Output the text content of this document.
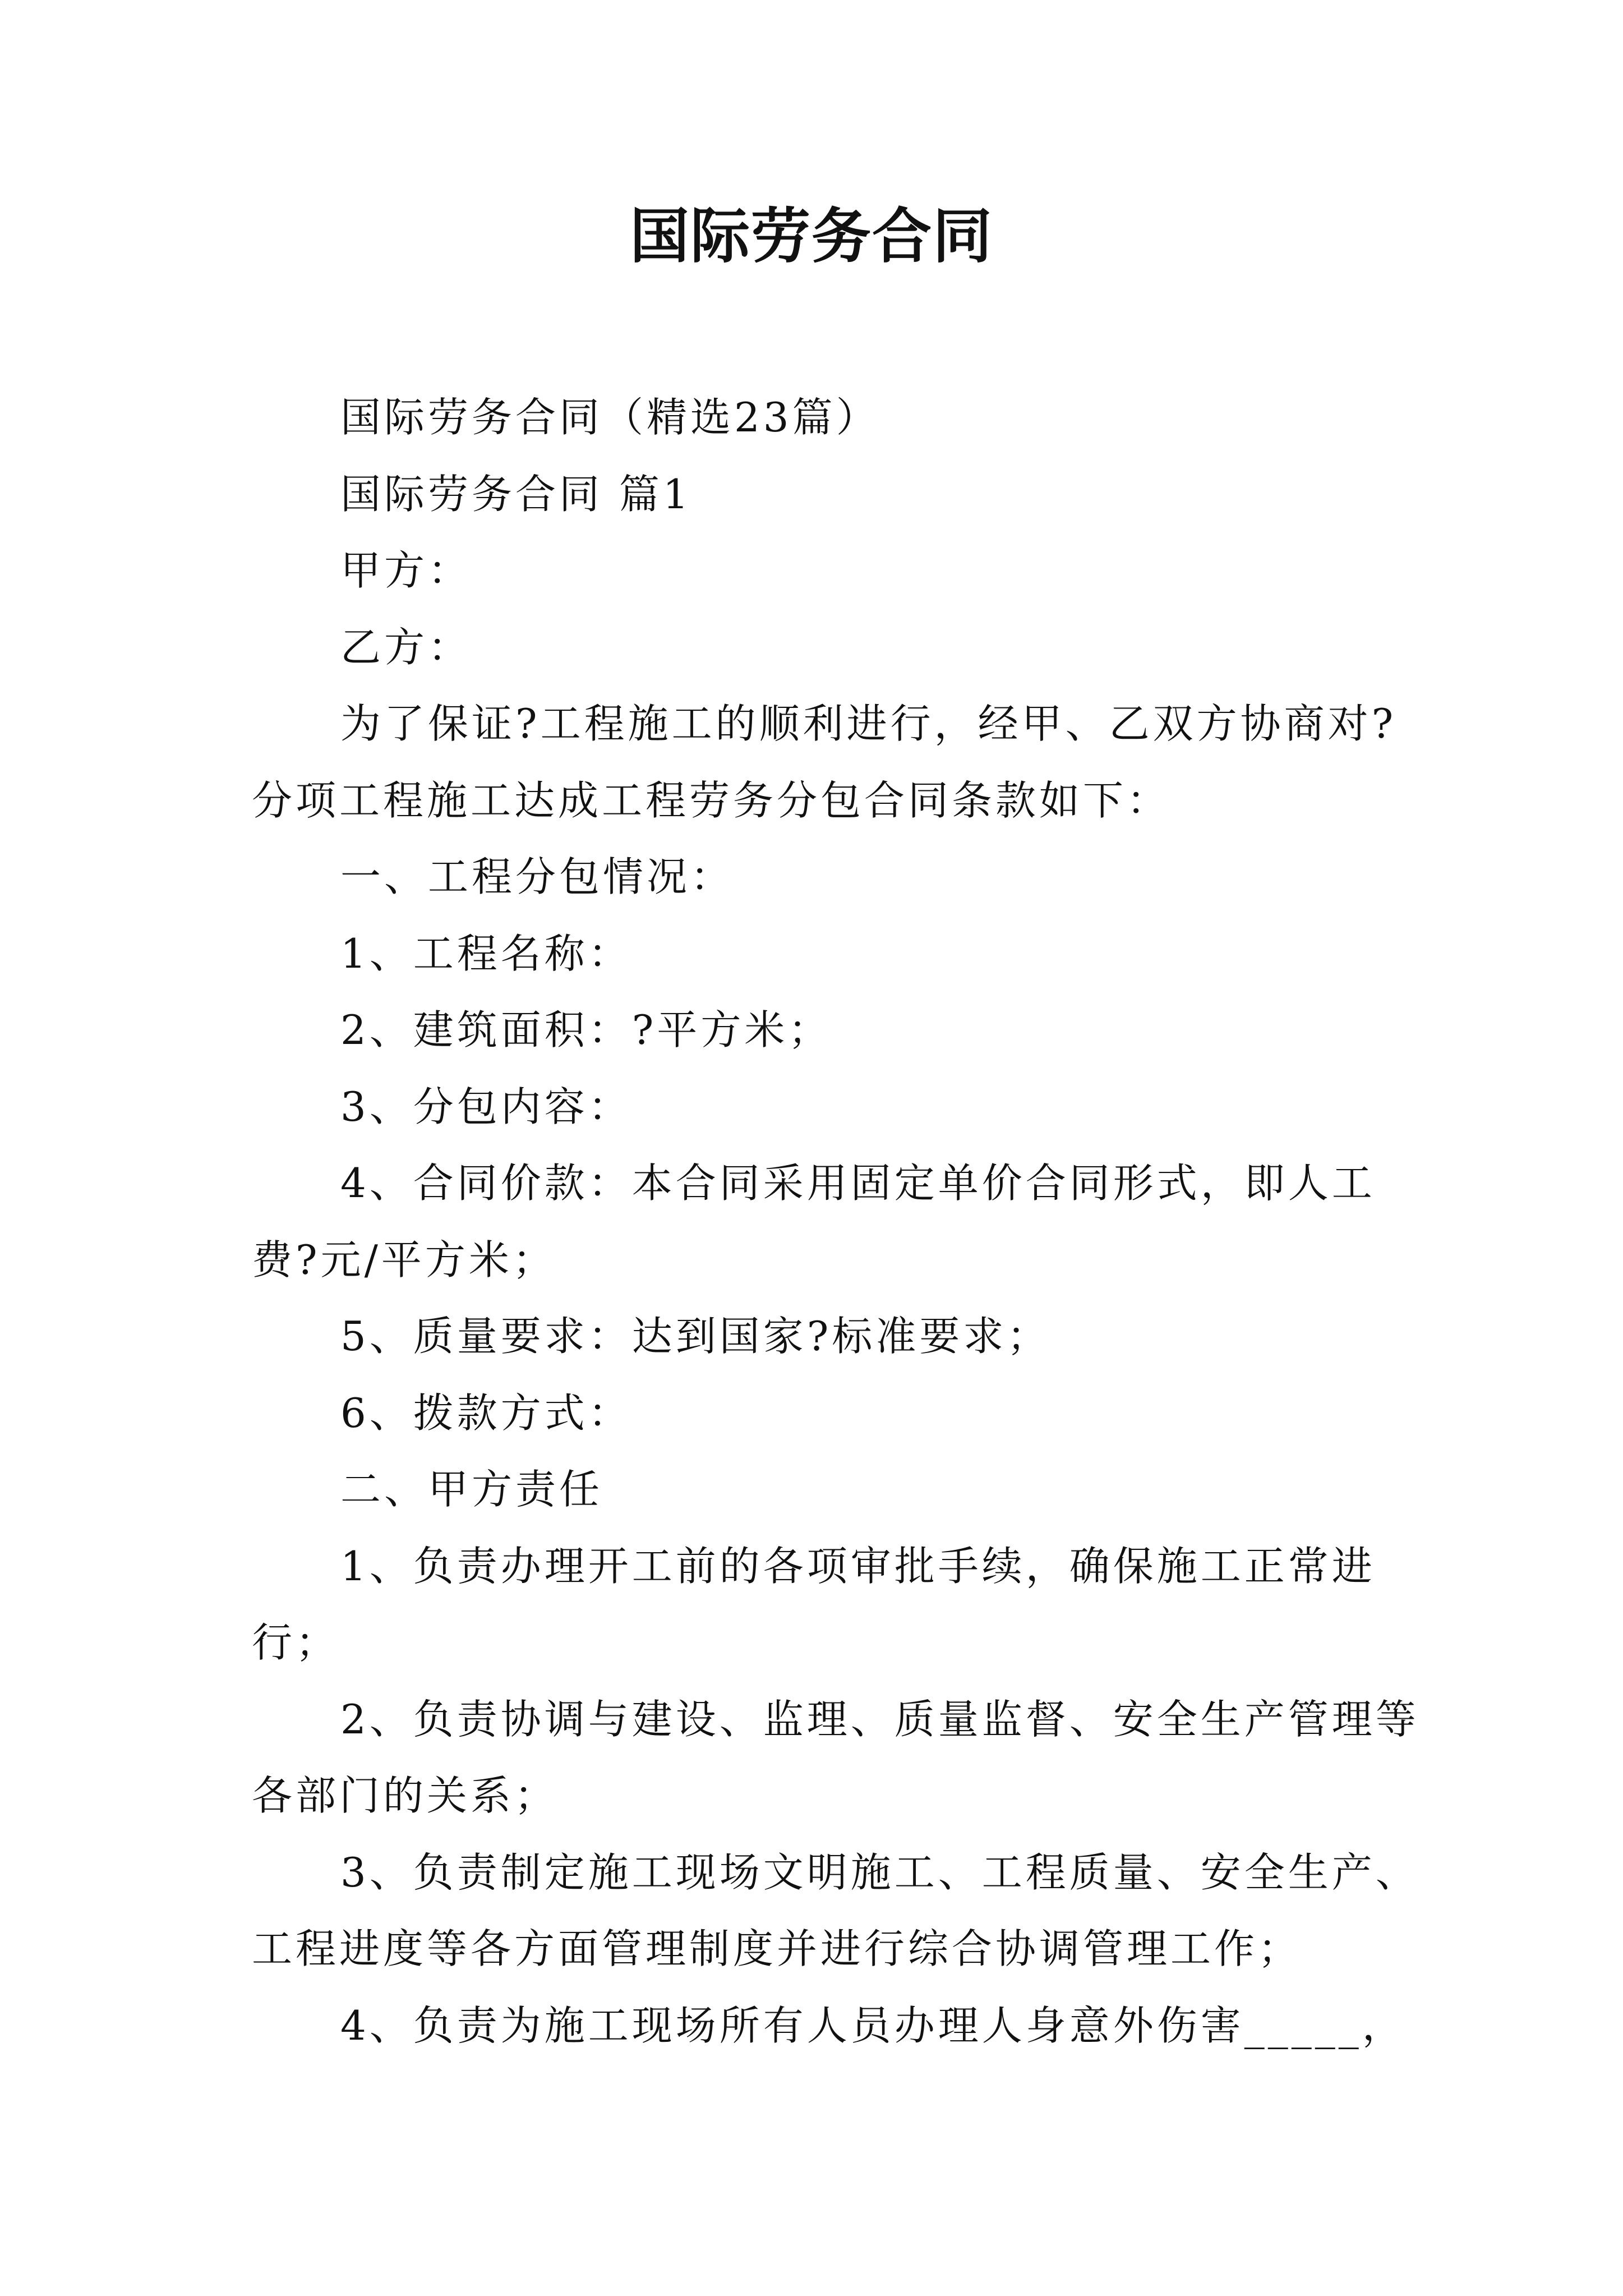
国际劳务合同

国际劳务合同（精选23篇）

国际劳务合同 篇1

甲方：

乙方：

为了保证?工程施工的顺利进行，经甲、乙双方协商对?分项工程施工达成工程劳务分包合同条款如下：

一、工程分包情况：

1、工程名称：

2、建筑面积：?平方米；

3、分包内容：

4、合同价款：本合同采用固定单价合同形式，即人工费?元/平方米；

5、质量要求：达到国家?标准要求；

6、拨款方式：

二、甲方责任

1、负责办理开工前的各项审批手续，确保施工正常进行；

2、负责协调与建设、监理、质量监督、安全生产管理等各部门的关系；

3、负责制定施工现场文明施工、工程质量、安全生产、工程进度等各方面管理制度并进行综合协调管理工作；

4、负责为施工现场所有人员办理人身意外伤害_____，
